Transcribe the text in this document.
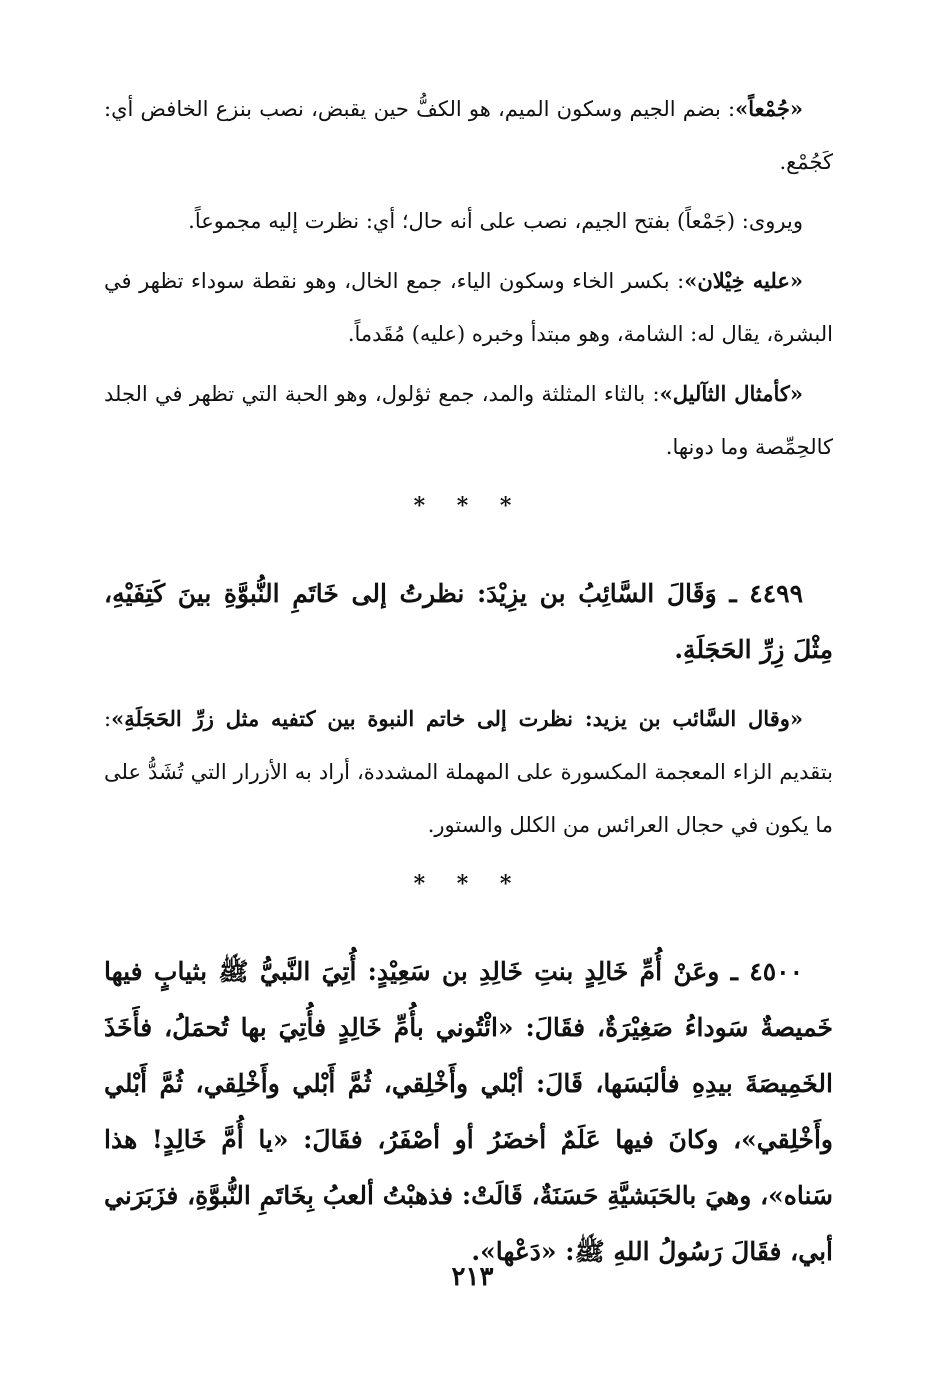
«جُمْعاً»: بضم الجيم وسكون الميم، هو الكفُّ حين يقبض، نصب بنزع الخافض أي: كَجُمْع.

ويروى: (جَمْعاً) بفتح الجيم، نصب على أنه حال؛ أي: نظرت إليه مجموعاً.

«عليه خِيْلان»: بكسر الخاء وسكون الياء، جمع الخال، وهو نقطة سوداء تظهر في البشرة، يقال له: الشامة، وهو مبتدأ وخبره (عليه) مُقَدماً.

«كأمثال الثآليل»: بالثاء المثلثة والمد، جمع ثؤلول، وهو الحبة التي تظهر في الجلد كالحِمِّصة وما دونها.

* * *

٤٤٩٩ ـ وَقَالَ السَّائِبُ بن يزِيْدَ: نظرتُ إلى خَاتَمِ النُّبوَّةِ بينَ كَتِفَيْهِ، مِثْلَ زِرِّ الحَجَلَةِ.

«وقال السَّائب بن يزيد: نظرت إلى خاتم النبوة بين كتفيه مثل زرِّ الحَجَلَةِ»: بتقديم الزاء المعجمة المكسورة على المهملة المشددة، أراد به الأزرار التي تُشَدُّ على ما يكون في حجال العرائس من الكلل والستور.

* * *

٤٥٠٠ ـ وعَنْ أُمِّ خَالِدٍ بنتِ خَالِدِ بن سَعِيْدٍ: أُتِيَ النَّبيُّ ﷺ بثيابٍ فيها خَميصةٌ سَوداءُ صَغِيْرَةٌ، فقَالَ: «ائْتُوني بأُمِّ خَالِدٍ فأُتِيَ بها تُحمَلُ، فأَخَذَ الخَمِيصَةَ بيدِهِ فألبَسَها، قَالَ: أبْلي وأَخْلِقي، ثُمَّ أَبْلي وأَخْلِقي، ثُمَّ أَبْلي وأَخْلِقي»، وكانَ فيها عَلَمٌ أخضَرُ أو أصْفَرُ، فقَالَ: «يا أُمَّ خَالِدٍ! هذا سَناه»، وهيَ بالحَبَشيَّةِ حَسَنَةٌ، قَالَتْ: فذهبْتُ ألعبُ بِخَاتَمِ النُّبوَّةِ، فزَبَرَني أبي، فقَالَ رَسُولُ اللهِ ﷺ: «دَعْها».

٢١٣
